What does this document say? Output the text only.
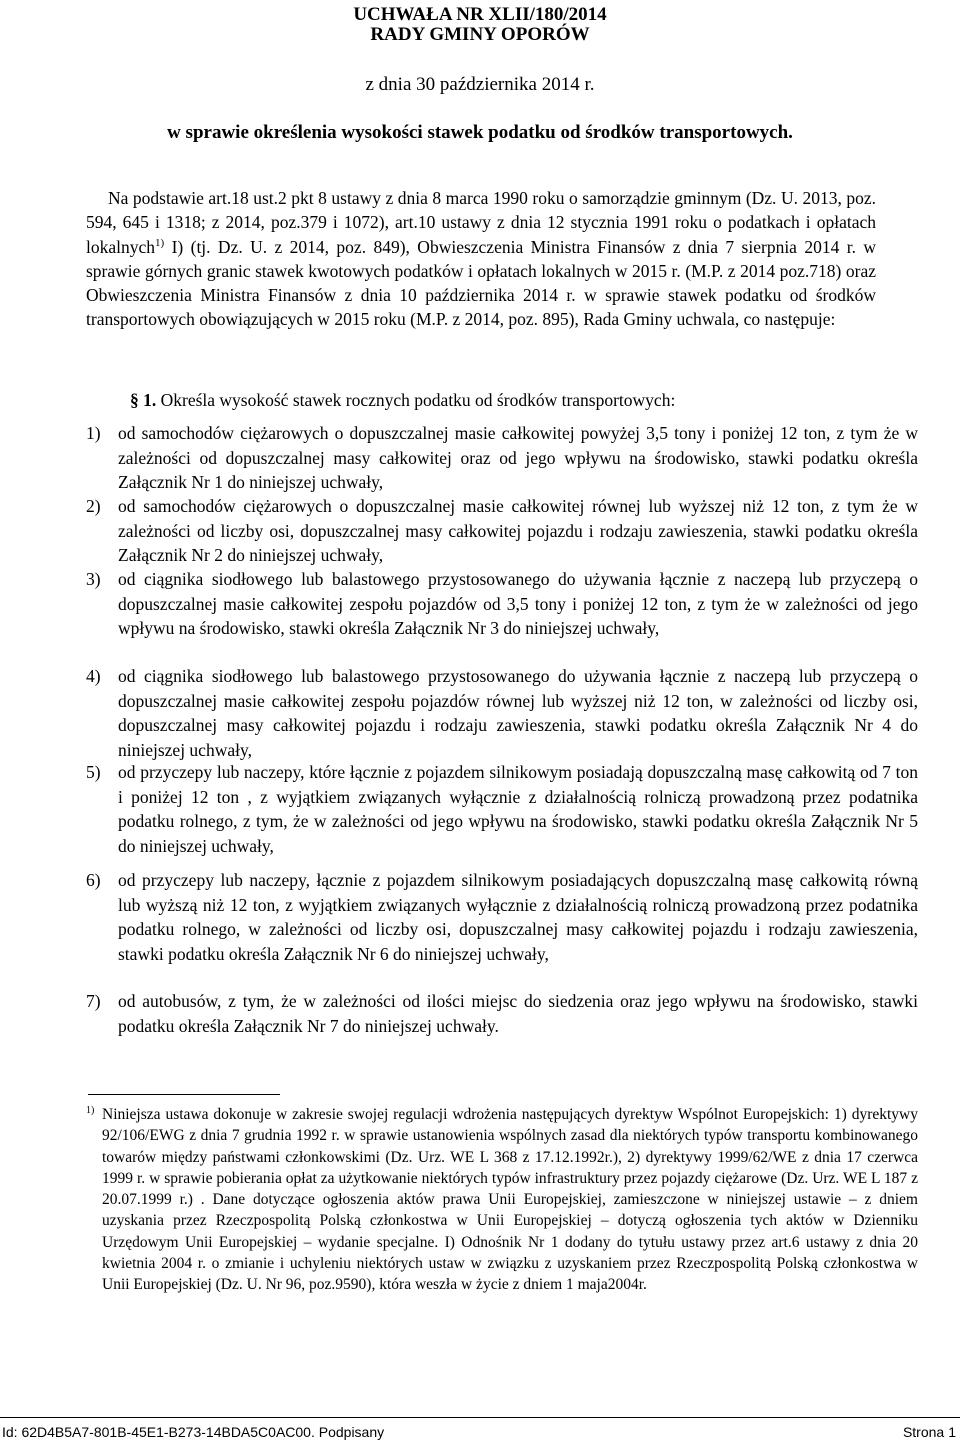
UCHWAŁA NR XLII/180/2014
RADY GMINY OPORÓW
z dnia 30 października 2014 r.
w sprawie określenia wysokości stawek podatku od środków transportowych.
Na podstawie art.18 ust.2 pkt 8 ustawy z dnia 8 marca 1990 roku o samorządzie gminnym (Dz. U. 2013, poz. 594, 645 i 1318; z 2014, poz.379 i 1072), art.10 ustawy z dnia 12 stycznia 1991 roku o podatkach i opłatach lokalnych$^{1)}$ I) (tj. Dz. U. z 2014, poz. 849), Obwieszczenia Ministra Finansów z dnia 7 sierpnia 2014 r. w sprawie górnych granic stawek kwotowych podatków i opłatach lokalnych w 2015 r. (M.P. z 2014 poz.718) oraz Obwieszczenia Ministra Finansów z dnia 10 października 2014 r. w sprawie stawek podatku od środków transportowych obowiązujących w 2015 roku (M.P. z 2014, poz. 895), Rada Gminy uchwala, co następuje:
§ 1. Określa wysokość stawek rocznych podatku od środków transportowych:
1) od samochodów ciężarowych o dopuszczalnej masie całkowitej powyżej 3,5 tony i poniżej 12 ton, z tym że w zależności od dopuszczalnej masy całkowitej oraz od jego wpływu na środowisko, stawki podatku określa Załącznik Nr 1 do niniejszej uchwały,
2) od samochodów ciężarowych o dopuszczalnej masie całkowitej równej lub wyższej niż 12 ton, z tym że w zależności od liczby osi, dopuszczalnej masy całkowitej pojazdu i rodzaju zawieszenia, stawki podatku określa Załącznik Nr 2 do niniejszej uchwały,
3) od ciągnika siodłowego lub balastowego przystosowanego do używania łącznie z naczepą lub przyczepą o dopuszczalnej masie całkowitej zespołu pojazdów od 3,5 tony i poniżej 12 ton, z tym że w zależności od jego wpływu na środowisko, stawki określa Załącznik Nr 3 do niniejszej uchwały,
4) od ciągnika siodłowego lub balastowego przystosowanego do używania łącznie z naczepą lub przyczepą o dopuszczalnej masie całkowitej zespołu pojazdów równej lub wyższej niż 12 ton, w zależności od liczby osi, dopuszczalnej masy całkowitej pojazdu i rodzaju zawieszenia, stawki podatku określa Załącznik Nr 4 do niniejszej uchwały,
5) od przyczepy lub naczepy, które łącznie z pojazdem silnikowym posiadają dopuszczalną masę całkowitą od 7 ton i poniżej 12 ton , z wyjątkiem związanych wyłącznie z działalnością rolniczą prowadzoną przez podatnika podatku rolnego, z tym, że w zależności od jego wpływu na środowisko, stawki podatku określa Załącznik Nr 5 do niniejszej uchwały,
6) od przyczepy lub naczepy, łącznie z pojazdem silnikowym posiadających dopuszczalną masę całkowitą równą lub wyższą niż 12 ton, z wyjątkiem związanych wyłącznie z działalnością rolniczą prowadzoną przez podatnika podatku rolnego, w zależności od liczby osi, dopuszczalnej masy całkowitej pojazdu i rodzaju zawieszenia, stawki podatku określa Załącznik Nr 6 do niniejszej uchwały,
7) od autobusów, z tym, że w zależności od ilości miejsc do siedzenia oraz jego wpływu na środowisko, stawki podatku określa Załącznik Nr 7 do niniejszej uchwały.
1) Niniejsza ustawa dokonuje w zakresie swojej regulacji wdrożenia następujących dyrektyw Wspólnot Europejskich: 1) dyrektywy 92/106/EWG z dnia 7 grudnia 1992 r. w sprawie ustanowienia wspólnych zasad dla niektórych typów transportu kombinowanego towarów między państwami członkowskimi (Dz. Urz. WE L 368 z 17.12.1992r.), 2) dyrektywy 1999/62/WE z dnia 17 czerwca 1999 r. w sprawie pobierania opłat za użytkowanie niektórych typów infrastruktury przez pojazdy ciężarowe (Dz. Urz. WE L 187 z 20.07.1999 r.) . Dane dotyczące ogłoszenia aktów prawa Unii Europejskiej, zamieszczone w niniejszej ustawie – z dniem uzyskania przez Rzeczpospolitą Polską członkostwa w Unii Europejskiej – dotyczą ogłoszenia tych aktów w Dzienniku Urzędowym Unii Europejskiej – wydanie specjalne. I) Odnośnik Nr 1 dodany do tytułu ustawy przez art.6 ustawy z dnia 20 kwietnia 2004 r. o zmianie i uchyleniu niektórych ustaw w związku z uzyskaniem przez Rzeczpospolitą Polską członkostwa w Unii Europejskiej (Dz. U. Nr 96, poz.9590), która weszła w życie z dniem 1 maja2004r.
Id: 62D4B5A7-801B-45E1-B273-14BDA5C0AC00. Podpisany	Strona 1
